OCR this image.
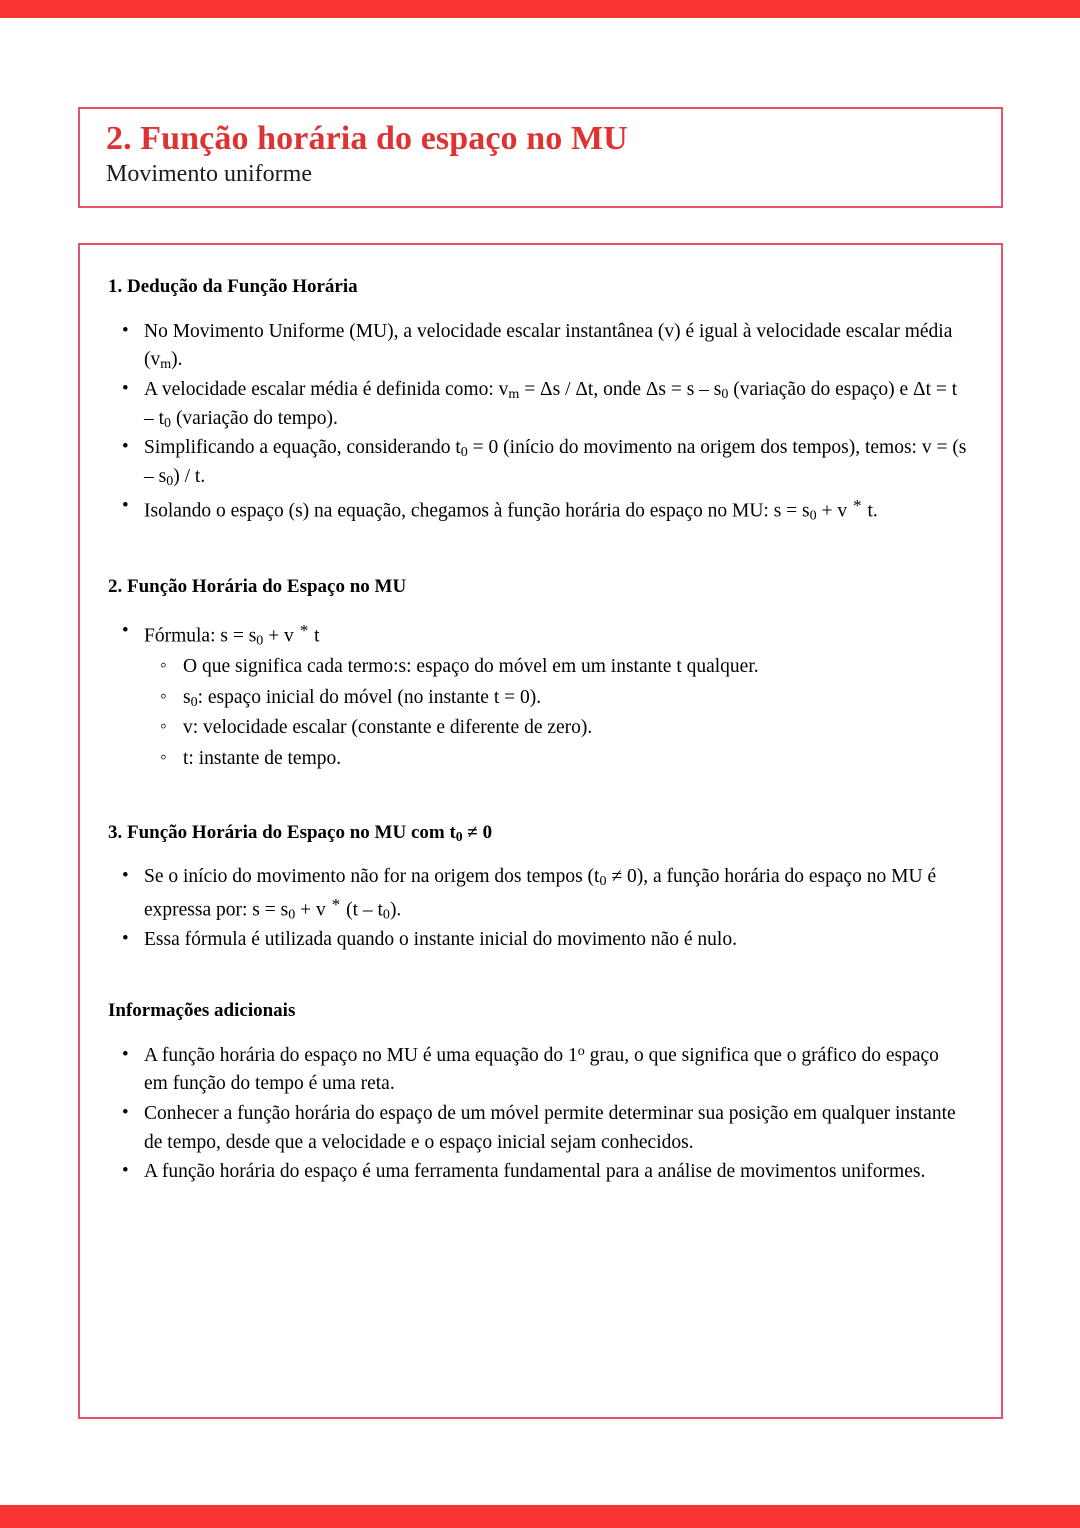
2. Função horária do espaço no MU
Movimento uniforme
1. Dedução da Função Horária
• No Movimento Uniforme (MU), a velocidade escalar instantânea (v) é igual à velocidade escalar média $(v_m)$.
• A velocidade escalar média é definida como: $v_m = \Delta s / \Delta t$, onde $\Delta s = s - s_0$ (variação do espaço) e $\Delta t = t - t_0$ (variação do tempo).
• Simplificando a equação, considerando $t_0 = 0$ (início do movimento na origem dos tempos), temos: $v = (s - s_0) / t$.
• Isolando o espaço (s) na equação, chegamos à função horária do espaço no MU: $s = s_0 + v * t$.
2. Função Horária do Espaço no MU
• Fórmula: $s = s_0 + v * t$
◦ O que significa cada termo:s: espaço do móvel em um instante t qualquer.
◦ $s_0$: espaço inicial do móvel (no instante t = 0).
◦ v: velocidade escalar (constante e diferente de zero).
◦ t: instante de tempo.
3. Função Horária do Espaço no MU com $t_0 \ne 0$
• Se o início do movimento não for na origem dos tempos $(t_0 \ne 0)$, a função horária do espaço no MU é expressa por: $s = s_0 + v * (t - t_0)$.
• Essa fórmula é utilizada quando o instante inicial do movimento não é nulo.
Informações adicionais
• A função horária do espaço no MU é uma equação do 1$^o$ grau, o que significa que o gráfico do espaço em função do tempo é uma reta.
• Conhecer a função horária do espaço de um móvel permite determinar sua posição em qualquer instante de tempo, desde que a velocidade e o espaço inicial sejam conhecidos.
• A função horária do espaço é uma ferramenta fundamental para a análise de movimentos uniformes.
